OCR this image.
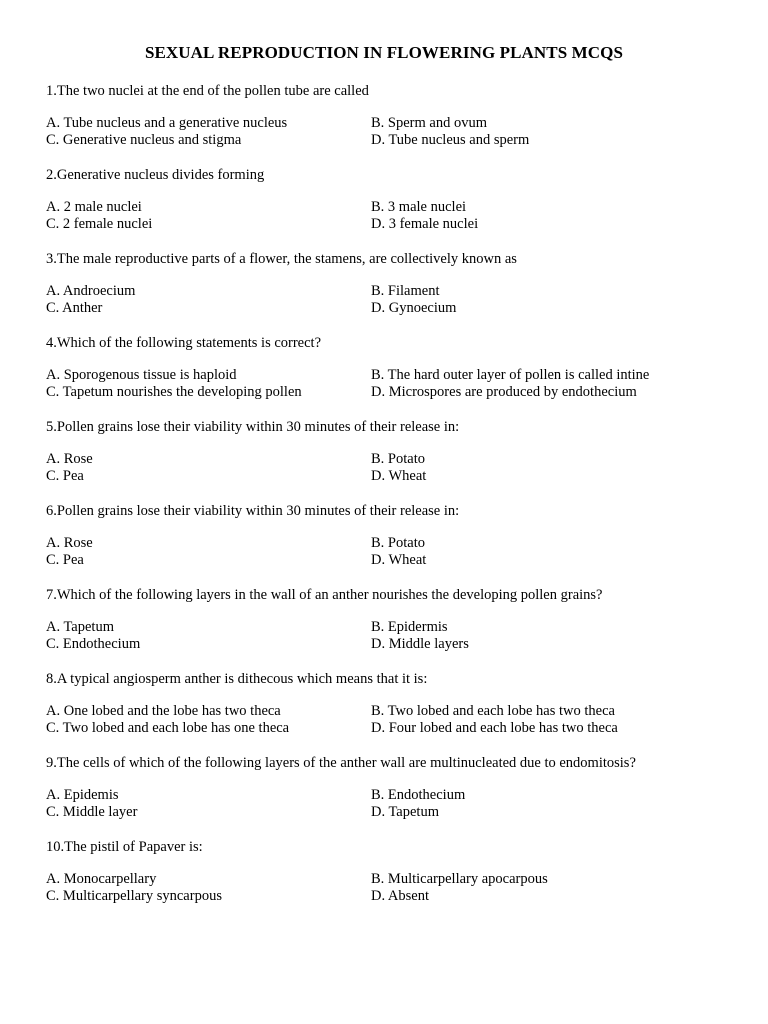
SEXUAL REPRODUCTION IN FLOWERING PLANTS MCQS
1.The two nuclei at the end of the pollen tube are called
A. Tube nucleus and a generative nucleus	B. Sperm and ovum
C. Generative nucleus and stigma	D. Tube nucleus and sperm
2.Generative nucleus divides forming
A. 2 male nuclei	B. 3 male nuclei
C. 2 female nuclei	D. 3 female nuclei
3.The male reproductive parts of a flower, the stamens, are collectively known as
A. Androecium	B. Filament
C. Anther	D. Gynoecium
4.Which of the following statements is correct?
A. Sporogenous tissue is haploid	B. The hard outer layer of pollen is called intine
C. Tapetum nourishes the developing pollen	D. Microspores are produced by endothecium
5.Pollen grains lose their viability within 30 minutes of their release in:
A. Rose	B. Potato
C. Pea	D. Wheat
6.Pollen grains lose their viability within 30 minutes of their release in:
A. Rose	B. Potato
C. Pea	D. Wheat
7.Which of the following layers in the wall of an anther nourishes the developing pollen grains?
A. Tapetum	B. Epidermis
C. Endothecium	D. Middle layers
8.A typical angiosperm anther is dithecous which means that it is:
A. One lobed and the lobe has two theca	B. Two lobed and each lobe has two theca
C. Two lobed and each lobe has one theca	D. Four lobed and each lobe has two theca
9.The cells of which of the following layers of the anther wall are multinucleated due to endomitosis?
A. Epidemis	B. Endothecium
C. Middle layer	D. Tapetum
10.The pistil of Papaver is:
A. Monocarpellary	B. Multicarpellary apocarpous
C. Multicarpellary syncarpous	D. Absent
